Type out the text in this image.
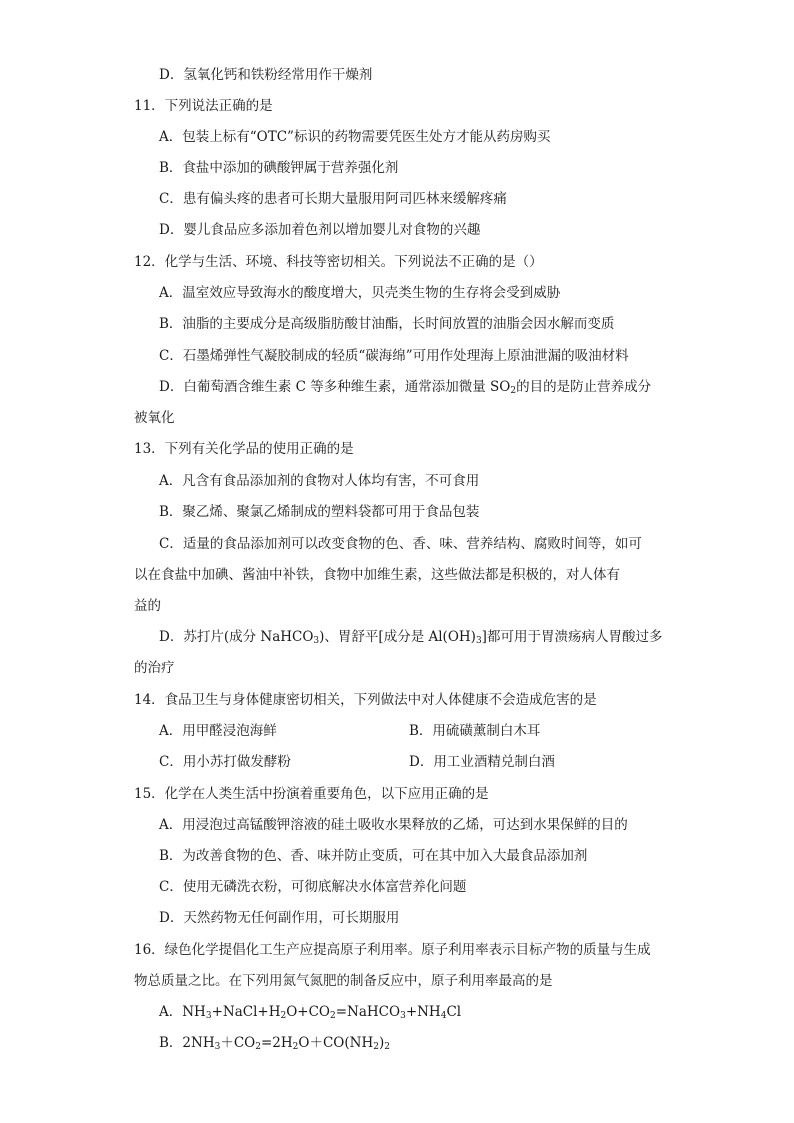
D．氢氧化钙和铁粉经常用作干燥剂
11．下列说法正确的是
A．包装上标有“OTC”标识的药物需要凭医生处方才能从药房购买
B．食盐中添加的碘酸钾属于营养强化剂
C．患有偏头疼的患者可长期大量服用阿司匹林来缓解疼痛
D．婴儿食品应多添加着色剂以增加婴儿对食物的兴趣
12．化学与生活、环境、科技等密切相关。下列说法不正确的是（）
A．温室效应导致海水的酸度增大，贝壳类生物的生存将会受到威胁
B．油脂的主要成分是高级脂肪酸甘油酯，长时间放置的油脂会因水解而变质
C．石墨烯弹性气凝胶制成的轻质“碳海绵”可用作处理海上原油泄漏的吸油材料
D．白葡萄酒含维生素 C 等多种维生素，通常添加微量 $SO_2$的目的是防止营养成分
被氧化
13．下列有关化学品的使用正确的是
A．凡含有食品添加剂的食物对人体均有害，不可食用
B．聚乙烯、聚氯乙烯制成的塑料袋都可用于食品包装
C．适量的食品添加剂可以改变食物的色、香、味、营养结构、腐败时间等，如可
以在食盐中加碘、酱油中补铁，食物中加维生素，这些做法都是积极的，对人体有
益的
D．苏打片(成分 NaHCO$_3$)、胃舒平[成分是 $Al(OH)_3$]都可用于胃溃疡病人胃酸过多
的治疗
14．食品卫生与身体健康密切相关，下列做法中对人体健康不会造成危害的是
A．用甲醛浸泡海鲜	B．用硫磺薰制白木耳
C．用小苏打做发酵粉	D．用工业酒精兑制白酒
15．化学在人类生活中扮演着重要角色，以下应用正确的是
A．用浸泡过高锰酸钾溶液的硅土吸收水果释放的乙烯，可达到水果保鲜的目的
B．为改善食物的色、香、味并防止变质，可在其中加入大最食品添加剂
C．使用无磷洗衣粉，可彻底解决水体富营养化问题
D．天然药物无任何副作用，可长期服用
16．绿色化学提倡化工生产应提高原子利用率。原子利用率表示目标产物的质量与生成
物总质量之比。在下列用氮气氮肥的制备反应中，原子利用率最高的是
A．$NH_3+NaCl+H_2O+CO_2=NaHCO_3+NH_4Cl$
B．$2NH_3+CO_2=2H_2O+CO(NH_2)_2$
